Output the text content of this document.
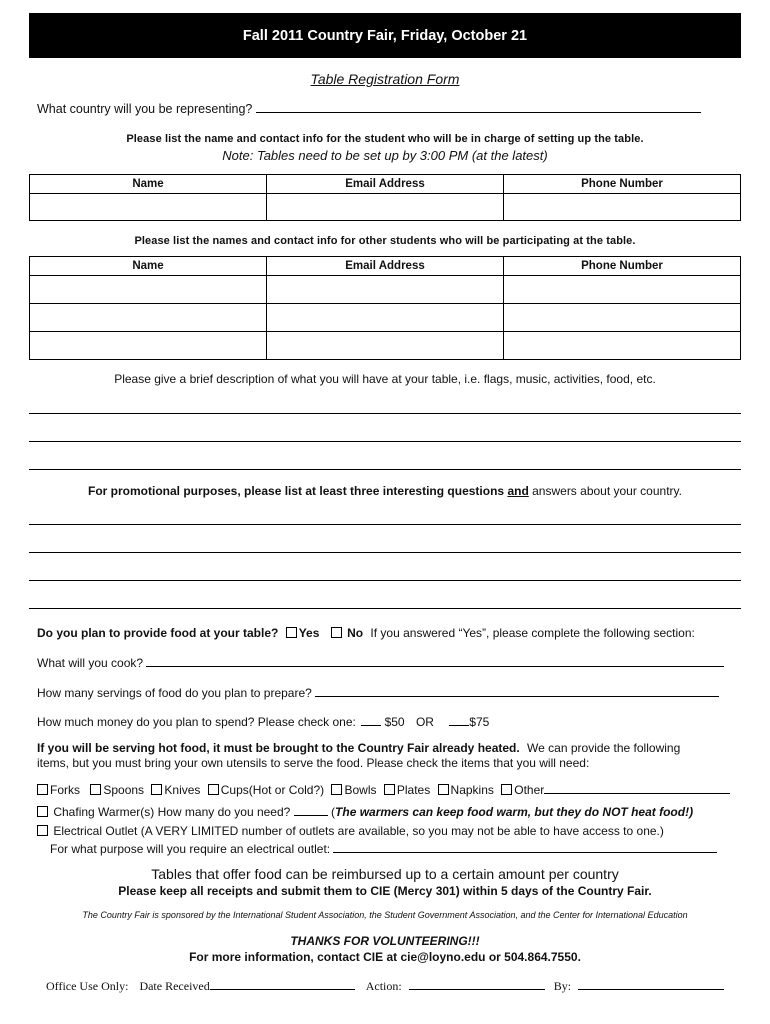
Fall 2011 Country Fair, Friday, October 21
Table Registration Form
What country will you be representing?
Please list the name and contact info for the student who will be in charge of setting up the table.
Note: Tables need to be set up by 3:00 PM (at the latest)
Name	Email Address	Phone Number

Please list the names and contact info for other students who will be participating at the table.
Name	Email Address	Phone Number

Please give a brief description of what you will have at your table, i.e. flags, music, activities, food, etc.
For promotional purposes, please list at least three interesting questions and answers about your country.
Do you plan to provide food at your table? Yes No If you answered “Yes”, please complete the following section:
What will you cook?
How many servings of food do you plan to prepare?
How much money do you plan to spend? Please check one: $50 OR	$75
If you will be serving hot food, it must be brought to the Country Fair already heated. We can provide the following
items, but you must bring your own utensils to serve the food. Please check the items that you will need:
Forks Spoons Knives Cups(Hot or Cold?) Bowls Plates Napkins Other
Chafing Warmer(s) How many do you need?	(The warmers can keep food warm, but they do NOT heat food!)
Electrical Outlet (A VERY LIMITED number of outlets are available, so you may not be able to have access to one.)
For what purpose will you require an electrical outlet:
Tables that offer food can be reimbursed up to a certain amount per country
Please keep all receipts and submit them to CIE (Mercy 301) within 5 days of the Country Fair.
The Country Fair is sponsored by the International Student Association, the Student Government Association, and the Center for International Education
THANKS FOR VOLUNTEERING!!!
For more information, contact CIE at cie@loyno.edu or 504.864.7550.
Office Use Only: Date Received	Action:	By:
